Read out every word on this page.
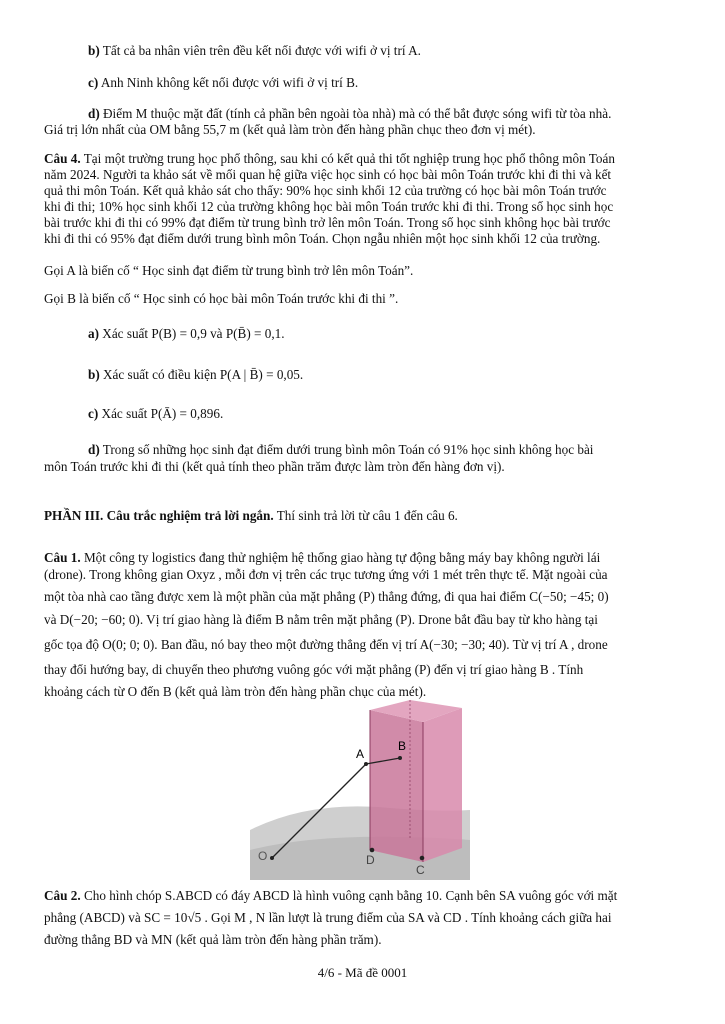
b) Tất cả ba nhân viên trên đều kết nối được với wifi ở vị trí A.
c) Anh Ninh không kết nối được với wifi ở vị trí B.
d) Điểm M thuộc mặt đất (tính cả phần bên ngoài tòa nhà) mà có thể bắt được sóng wifi từ tòa nhà.
Giá trị lớn nhất của OM bằng 55,7 m (kết quả làm tròn đến hàng phần chục theo đơn vị mét).
Câu 4. Tại một trường trung học phổ thông, sau khi có kết quả thi tốt nghiệp trung học phổ thông môn Toán
năm 2024. Người ta khảo sát về mối quan hệ giữa việc học sinh có học bài môn Toán trước khi đi thi và kết
quả thi môn Toán. Kết quả khảo sát cho thấy: 90% học sinh khối 12 của trường có học bài môn Toán trước
khi đi thi; 10% học sinh khối 12 của trường không học bài môn Toán trước khi đi thi. Trong số học sinh học
bài trước khi đi thi có 99% đạt điểm từ trung bình trở lên môn Toán. Trong số học sinh không học bài trước
khi đi thi có 95% đạt điểm dưới trung bình môn Toán. Chọn ngẫu nhiên một học sinh khối 12 của trường.
Gọi A là biến cố “ Học sinh đạt điểm từ trung bình trở lên môn Toán”.
Gọi B là biến cố “ Học sinh có học bài môn Toán trước khi đi thi ”.
a) Xác suất P(B) = 0,9 và P(B̄) = 0,1.
b) Xác suất có điều kiện P(A | B̄) = 0,05.
c) Xác suất P(Ā) = 0,896.
d) Trong số những học sinh đạt điểm dưới trung bình môn Toán có 91% học sinh không học bài
môn Toán trước khi đi thi (kết quả tính theo phần trăm được làm tròn đến hàng đơn vị).
PHẦN III. Câu trắc nghiệm trả lời ngắn. Thí sinh trả lời từ câu 1 đến câu 6.
Câu 1. Một công ty logistics đang thử nghiệm hệ thống giao hàng tự động bằng máy bay không người lái
(drone). Trong không gian Oxyz , mỗi đơn vị trên các trục tương ứng với 1 mét trên thực tế. Mặt ngoài của
một tòa nhà cao tầng được xem là một phần của mặt phẳng (P) thẳng đứng, đi qua hai điểm C(−50; −45; 0)
và D(−20; −60; 0). Vị trí giao hàng là điểm B nằm trên mặt phẳng (P). Drone bắt đầu bay từ kho hàng tại
gốc tọa độ O(0; 0; 0). Ban đầu, nó bay theo một đường thẳng đến vị trí A(−30; −30; 40). Từ vị trí A , drone
thay đổi hướng bay, di chuyển theo phương vuông góc với mặt phẳng (P) đến vị trí giao hàng B . Tính
khoảng cách từ O đến B (kết quả làm tròn đến hàng phần chục của mét).
A
B
O	D
C
Câu 2. Cho hình chóp S.ABCD có đáy ABCD là hình vuông cạnh bằng 10. Cạnh bên SA vuông góc với mặt
phẳng (ABCD) và SC = 10√5 . Gọi M , N lần lượt là trung điểm của SA và CD . Tính khoảng cách giữa hai
đường thẳng BD và MN (kết quả làm tròn đến hàng phần trăm).
4/6 - Mã đề 0001
